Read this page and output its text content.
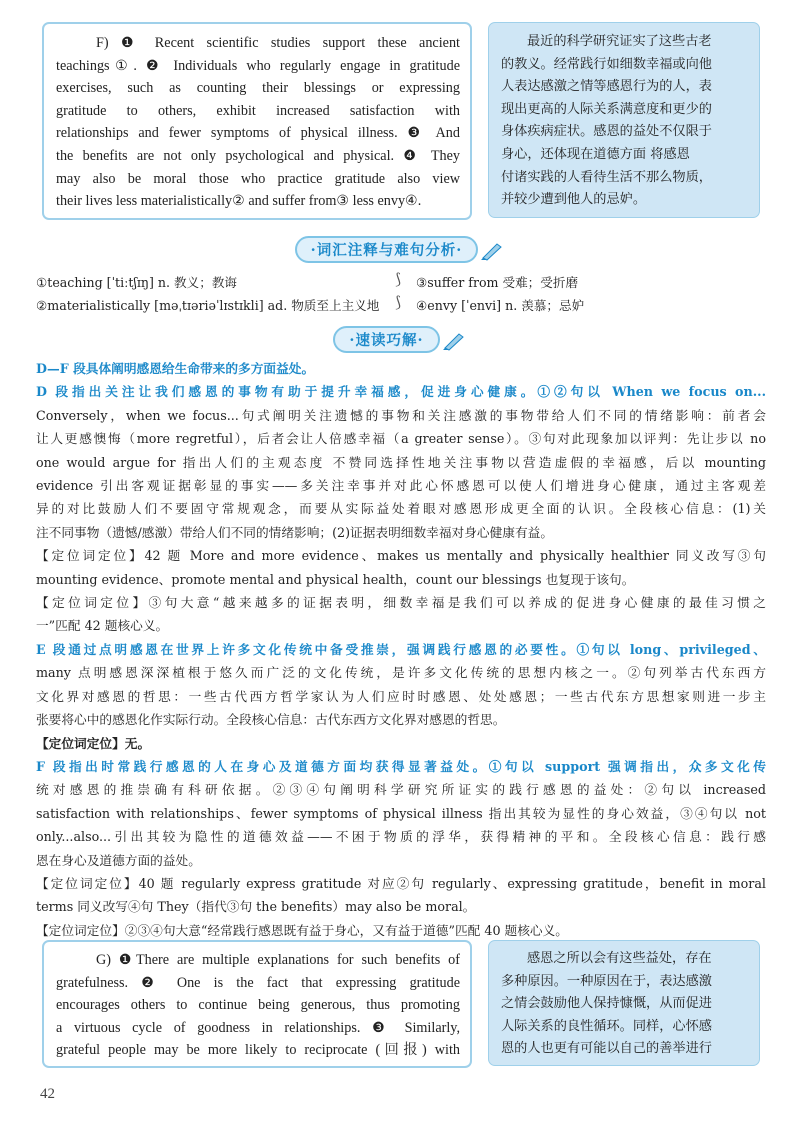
F) ❶ Recent scientific studies support these ancient
teachings①. ❷ Individuals who regularly engage in gratitude
exercises, such as counting their blessings or expressing
gratitude to others, exhibit increased satisfaction with
relationships and fewer symptoms of physical illness. ❸ And
the benefits are not only psychological and physical. ❹ They
may also be moral those who practice gratitude also view
their lives less materialistically② and suffer from③ less envy④.
最近的科学研究证实了这些古老
的教义。经常践行如细数幸福或向他
人表达感激之情等感恩行为的人，表
现出更高的人际关系满意度和更少的
身体疾病症状。感恩的益处不仅限于
身心，还体现在道德方面 将感恩
付诸实践的人看待生活不那么物质，
并较少遭到他人的忌妒。
·词汇注释与难句分析·
①teaching [ˈtiːtʃɪŋ] n. 教义；教诲	③suffer from 受难；受折磨
②materialistically [məˌtɪəriəˈlɪstɪkli] ad. 物质至上主义地	④envy [ˈenvi] n. 羡慕；忌妒
⟆
⟆
·速读巧解·
D—F 段具体阐明感恩给生命带来的多方面益处。
D 段指出关注让我们感恩的事物有助于提升幸福感，促进身心健康。①②句以 When we focus on...
Conversely，when we focus...句式阐明关注遗憾的事物和关注感激的事物带给人们不同的情绪影响：前者会
让人更感懊悔（more regretful），后者会让人倍感幸福（a greater sense）。③句对此现象加以评判：先让步以 no
one would argue for 指出人们的主观态度 不赞同选择性地关注事物以营造虚假的幸福感，后以 mounting
evidence 引出客观证据彰显的事实——多关注幸事并对此心怀感恩可以使人们增进身心健康，通过主客观差
异的对比鼓励人们不要固守常规观念，而要从实际益处着眼对感恩形成更全面的认识。全段核心信息：(1)关
注不同事物（遗憾/感激）带给人们不同的情绪影响；(2)证据表明细数幸福对身心健康有益。
【定位词定位】42 题 More and more evidence、makes us mentally and physically healthier 同义改写③句
mounting evidence、promote mental and physical health，count our blessings 也复现于该句。
【定位词定位】③句大意“越来越多的证据表明，细数幸福是我们可以养成的促进身心健康的最佳习惯之
一”匹配 42 题核心义。
E 段通过点明感恩在世界上许多文化传统中备受推崇，强调践行感恩的必要性。①句以 long、privileged、
many 点明感恩深深植根于悠久而广泛的文化传统，是许多文化传统的思想内核之一。②句列举古代东西方
文化界对感恩的哲思：一些古代西方哲学家认为人们应时时感恩、处处感恩；一些古代东方思想家则进一步主
张要将心中的感恩化作实际行动。全段核心信息：古代东西方文化界对感恩的哲思。
【定位词定位】无。
F 段指出时常践行感恩的人在身心及道德方面均获得显著益处。①句以 support 强调指出，众多文化传
统对感恩的推崇确有科研依据。②③④句阐明科学研究所证实的践行感恩的益处：②句以 increased
satisfaction with relationships、fewer symptoms of physical illness 指出其较为显性的身心效益，③④句以 not
only...also...引出其较为隐性的道德效益——不困于物质的浮华，获得精神的平和。全段核心信息：践行感
恩在身心及道德方面的益处。
【定位词定位】40 题 regularly express gratitude 对应②句 regularly、expressing gratitude，benefit in moral
terms 同义改写④句 They（指代③句 the benefits）may also be moral。
【定位词定位】②③④句大意“经常践行感恩既有益于身心，又有益于道德”匹配 40 题核心义。
G) ❶There are multiple explanations for such benefits of
gratefulness. ❷ One is the fact that expressing gratitude
encourages others to continue being generous, thus promoting
a virtuous cycle of goodness in relationships. ❸ Similarly,
grateful people may be more likely to reciprocate (回报) with
感恩之所以会有这些益处，存在
多种原因。一种原因在于，表达感激
之情会鼓励他人保持慷慨，从而促进
人际关系的良性循环。同样，心怀感
恩的人也更有可能以自己的善举进行
42
